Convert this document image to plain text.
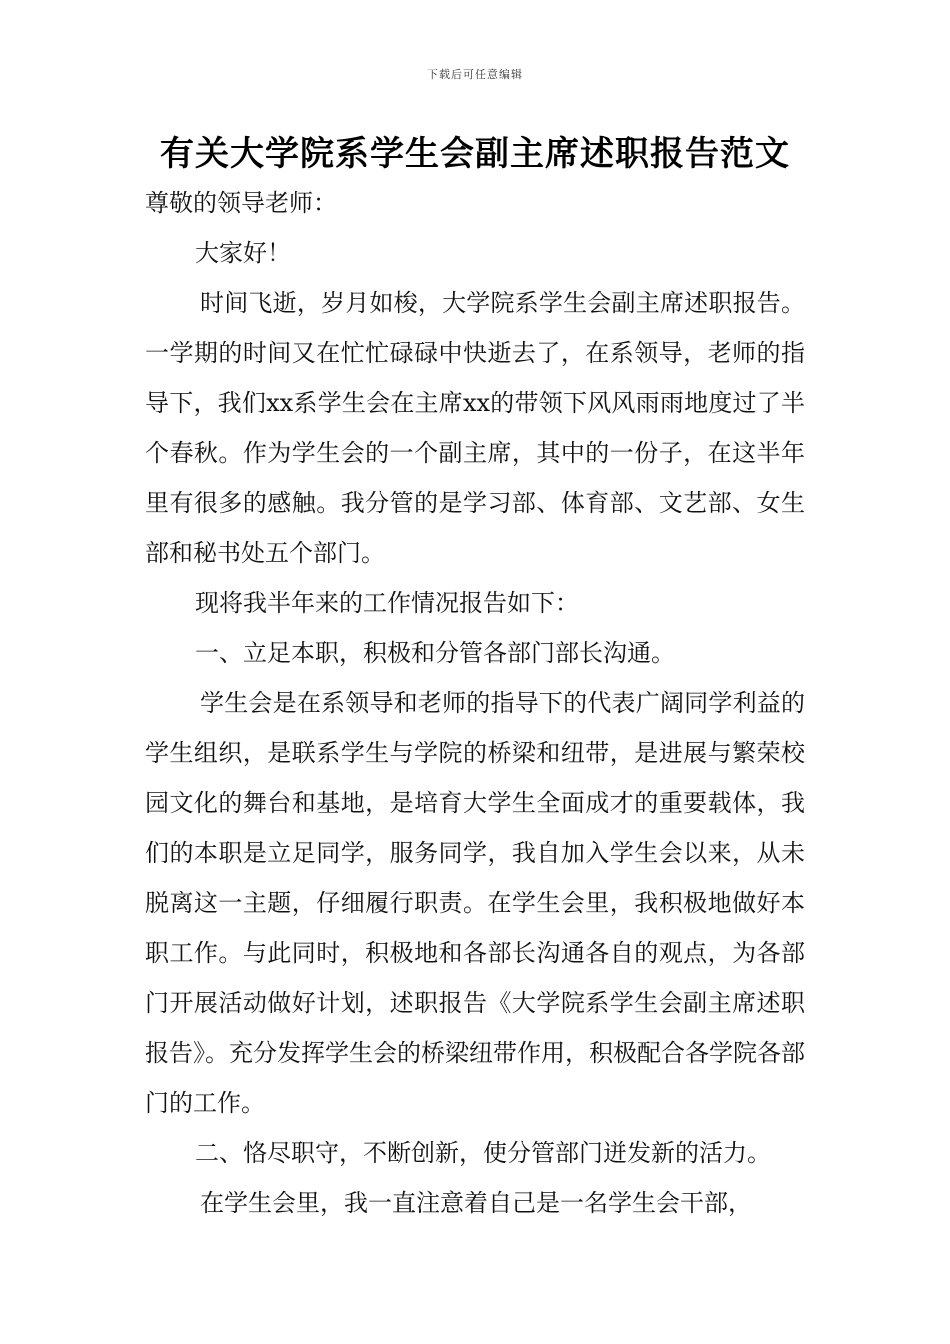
下载后可任意编辑
有关大学院系学生会副主席述职报告范文

尊敬的领导老师：

大家好！

时间飞逝，岁月如梭，大学院系学生会副主席述职报告。一学期的时间又在忙忙碌碌中快逝去了，在系领导，老师的指导下，我们xx系学生会在主席xx的带领下风风雨雨地度过了半个春秋。作为学生会的一个副主席，其中的一份子，在这半年里有很多的感触。我分管的是学习部、体育部、文艺部、女生部和秘书处五个部门。

现将我半年来的工作情况报告如下：

一、立足本职，积极和分管各部门部长沟通。

学生会是在系领导和老师的指导下的代表广阔同学利益的学生组织，是联系学生与学院的桥梁和纽带，是进展与繁荣校园文化的舞台和基地，是培育大学生全面成才的重要载体，我们的本职是立足同学，服务同学，我自加入学生会以来，从未脱离这一主题，仔细履行职责。在学生会里，我积极地做好本职工作。与此同时，积极地和各部长沟通各自的观点，为各部门开展活动做好计划，述职报告《大学院系学生会副主席述职报告》。充分发挥学生会的桥梁纽带作用，积极配合各学院各部门的工作。

二、恪尽职守，不断创新，使分管部门迸发新的活力。

在学生会里，我一直注意着自己是一名学生会干部，
